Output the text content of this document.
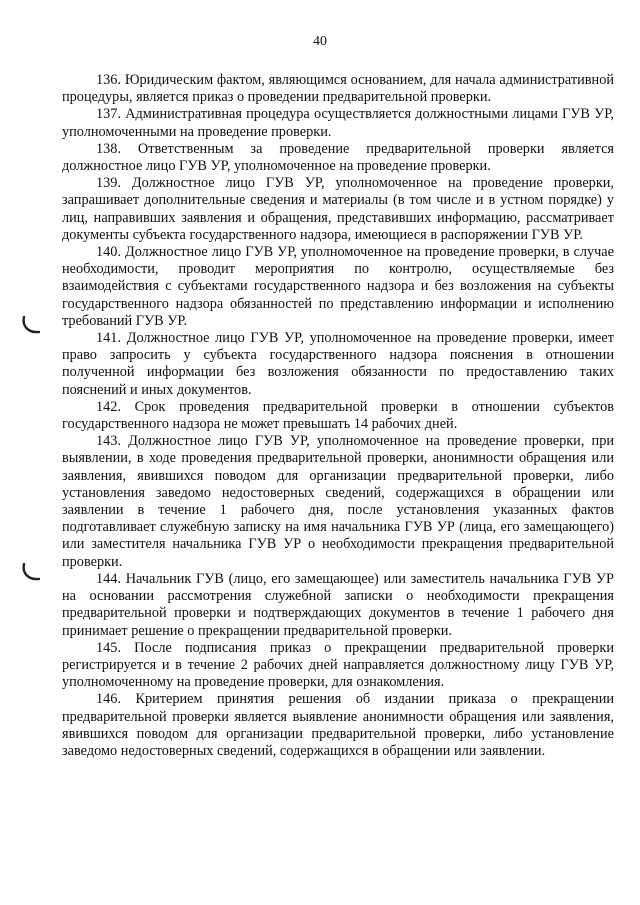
40

136. Юридическим фактом, являющимся основанием, для начала административной процедуры, является приказ о проведении предварительной проверки.

137. Административная процедура осуществляется должностными лицами ГУВ УР, уполномоченными на проведение проверки.

138. Ответственным за проведение предварительной проверки является должностное лицо ГУВ УР, уполномоченное на проведение проверки.

139. Должностное лицо ГУВ УР, уполномоченное на проведение проверки, запрашивает дополнительные сведения и материалы (в том числе и в устном порядке) у лиц, направивших заявления и обращения, представивших информацию, рассматривает документы субъекта государственного надзора, имеющиеся в распоряжении ГУВ УР.

140. Должностное лицо ГУВ УР, уполномоченное на проведение проверки, в случае необходимости, проводит мероприятия по контролю, осуществляемые без взаимодействия с субъектами государственного надзора и без возложения на субъекты государственного надзора обязанностей по представлению информации и исполнению требований ГУВ УР.

141. Должностное лицо ГУВ УР, уполномоченное на проведение проверки, имеет право запросить у субъекта государственного надзора пояснения в отношении полученной информации без возложения обязанности по предоставлению таких пояснений и иных документов.

142. Срок проведения предварительной проверки в отношении субъектов государственного надзора не может превышать 14 рабочих дней.

143. Должностное лицо ГУВ УР, уполномоченное на проведение проверки, при выявлении, в ходе проведения предварительной проверки, анонимности обращения или заявления, явившихся поводом для организации предварительной проверки, либо установления заведомо недостоверных сведений, содержащихся в обращении или заявлении в течение 1 рабочего дня, после установления указанных фактов подготавливает служебную записку на имя начальника ГУВ УР (лица, его замещающего) или заместителя начальника ГУВ УР о необходимости прекращения предварительной проверки.

144. Начальник ГУВ (лицо, его замещающее) или заместитель начальника ГУВ УР на основании рассмотрения служебной записки о необходимости прекращения предварительной проверки и подтверждающих документов в течение 1 рабочего дня принимает решение о прекращении предварительной проверки.

145. После подписания приказ о прекращении предварительной проверки регистрируется и в течение 2 рабочих дней направляется должностному лицу ГУВ УР, уполномоченному на проведение проверки, для ознакомления.

146. Критерием принятия решения об издании приказа о прекращении предварительной проверки является выявление анонимности обращения или заявления, явившихся поводом для организации предварительной проверки, либо установление заведомо недостоверных сведений, содержащихся в обращении или заявлении.
